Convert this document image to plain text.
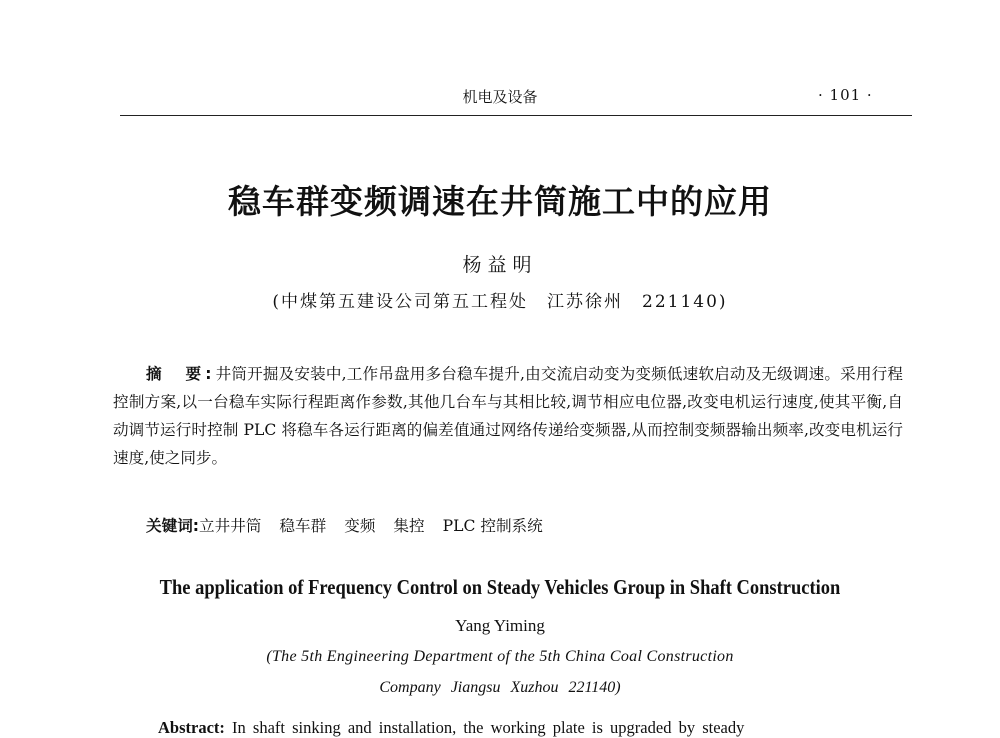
机电及设备	· 101 ·
稳车群变频调速在井筒施工中的应用
杨益明
(中煤第五建设公司第五工程处　江苏徐州　221140)
摘　要:井筒开掘及安装中,工作吊盘用多台稳车提升,由交流启动变为变频低速软启动及无级调速。采用行程控制方案,以一台稳车实际行程距离作参数,其他几台车与其相比较,调节相应电位器,改变电机运行速度,使其平衡,自动调节运行时控制 PLC 将稳车各运行距离的偏差值通过网络传递给变频器,从而控制变频器输出频率,改变电机运行速度,使之同步。
关键词:立井井筒 稳车群 变频 集控 PLC 控制系统
The application of Frequency Control on Steady Vehicles Group in Shaft Construction
Yang Yiming
(The 5th Engineering Department of the 5th China Coal Construction
Company Jiangsu Xuzhou 221140)
Abstract: In shaft sinking and installation, the working plate is upgraded by steady
